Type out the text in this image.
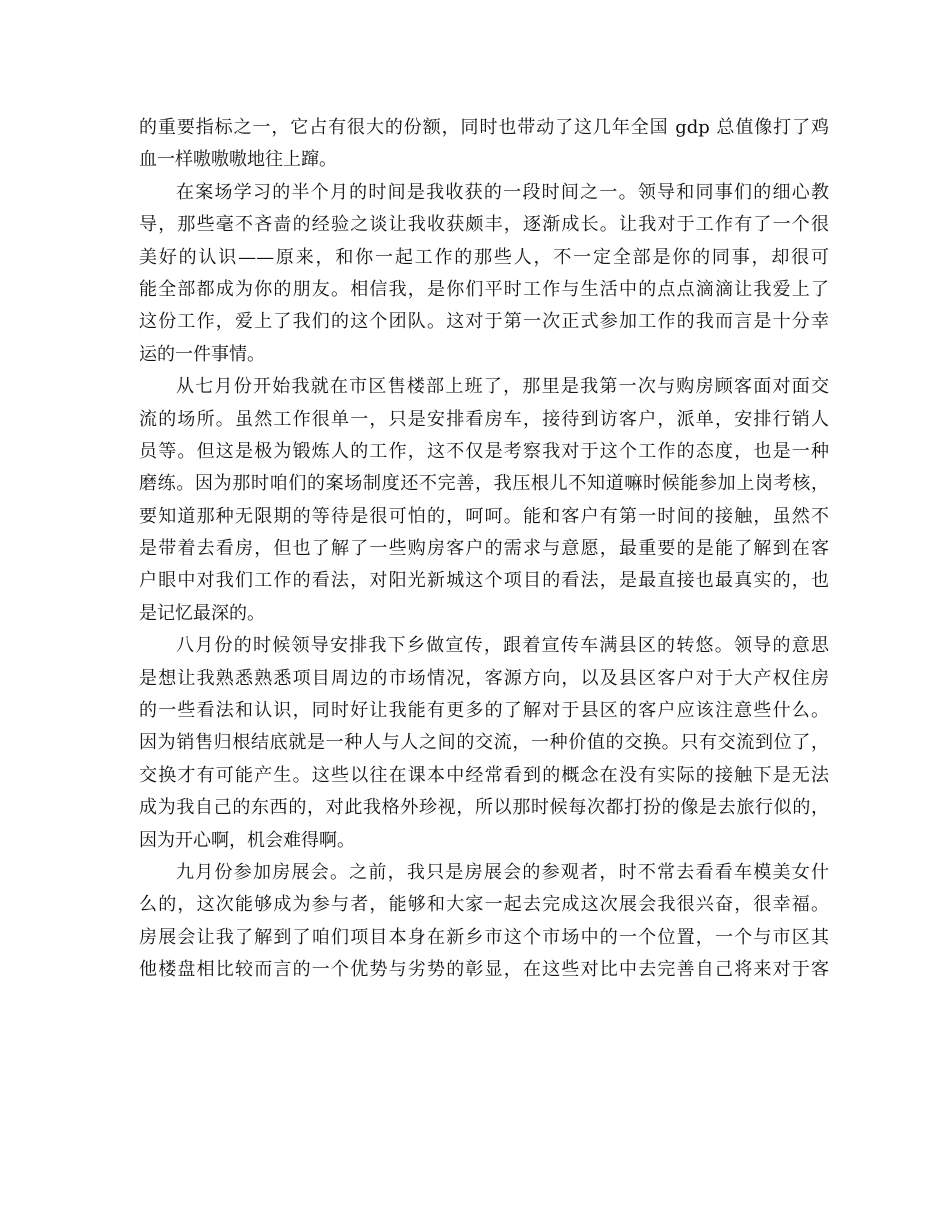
的重要指标之一，它占有很大的份额，同时也带动了这几年全国 gdp 总值像打了鸡
血一样嗷嗷嗷地往上蹿。
在案场学习的半个月的时间是我收获的一段时间之一。领导和同事们的细心教
导，那些毫不吝啬的经验之谈让我收获颇丰，逐渐成长。让我对于工作有了一个很
美好的认识——原来，和你一起工作的那些人，不一定全部是你的同事，却很可
能全部都成为你的朋友。相信我，是你们平时工作与生活中的点点滴滴让我爱上了
这份工作，爱上了我们的这个团队。这对于第一次正式参加工作的我而言是十分幸
运的一件事情。
从七月份开始我就在市区售楼部上班了，那里是我第一次与购房顾客面对面交
流的场所。虽然工作很单一，只是安排看房车，接待到访客户，派单，安排行销人
员等。但这是极为锻炼人的工作，这不仅是考察我对于这个工作的态度，也是一种
磨练。因为那时咱们的案场制度还不完善，我压根儿不知道嘛时候能参加上岗考核，
要知道那种无限期的等待是很可怕的，呵呵。能和客户有第一时间的接触，虽然不
是带着去看房，但也了解了一些购房客户的需求与意愿，最重要的是能了解到在客
户眼中对我们工作的看法，对阳光新城这个项目的看法，是最直接也最真实的，也
是记忆最深的。
八月份的时候领导安排我下乡做宣传，跟着宣传车满县区的转悠。领导的意思
是想让我熟悉熟悉项目周边的市场情况，客源方向，以及县区客户对于大产权住房
的一些看法和认识，同时好让我能有更多的了解对于县区的客户应该注意些什么。
因为销售归根结底就是一种人与人之间的交流，一种价值的交换。只有交流到位了，
交换才有可能产生。这些以往在课本中经常看到的概念在没有实际的接触下是无法
成为我自己的东西的，对此我格外珍视，所以那时候每次都打扮的像是去旅行似的，
因为开心啊，机会难得啊。
九月份参加房展会。之前，我只是房展会的参观者，时不常去看看车模美女什
么的，这次能够成为参与者，能够和大家一起去完成这次展会我很兴奋，很幸福。
房展会让我了解到了咱们项目本身在新乡市这个市场中的一个位置，一个与市区其
他楼盘相比较而言的一个优势与劣势的彰显，在这些对比中去完善自己将来对于客
